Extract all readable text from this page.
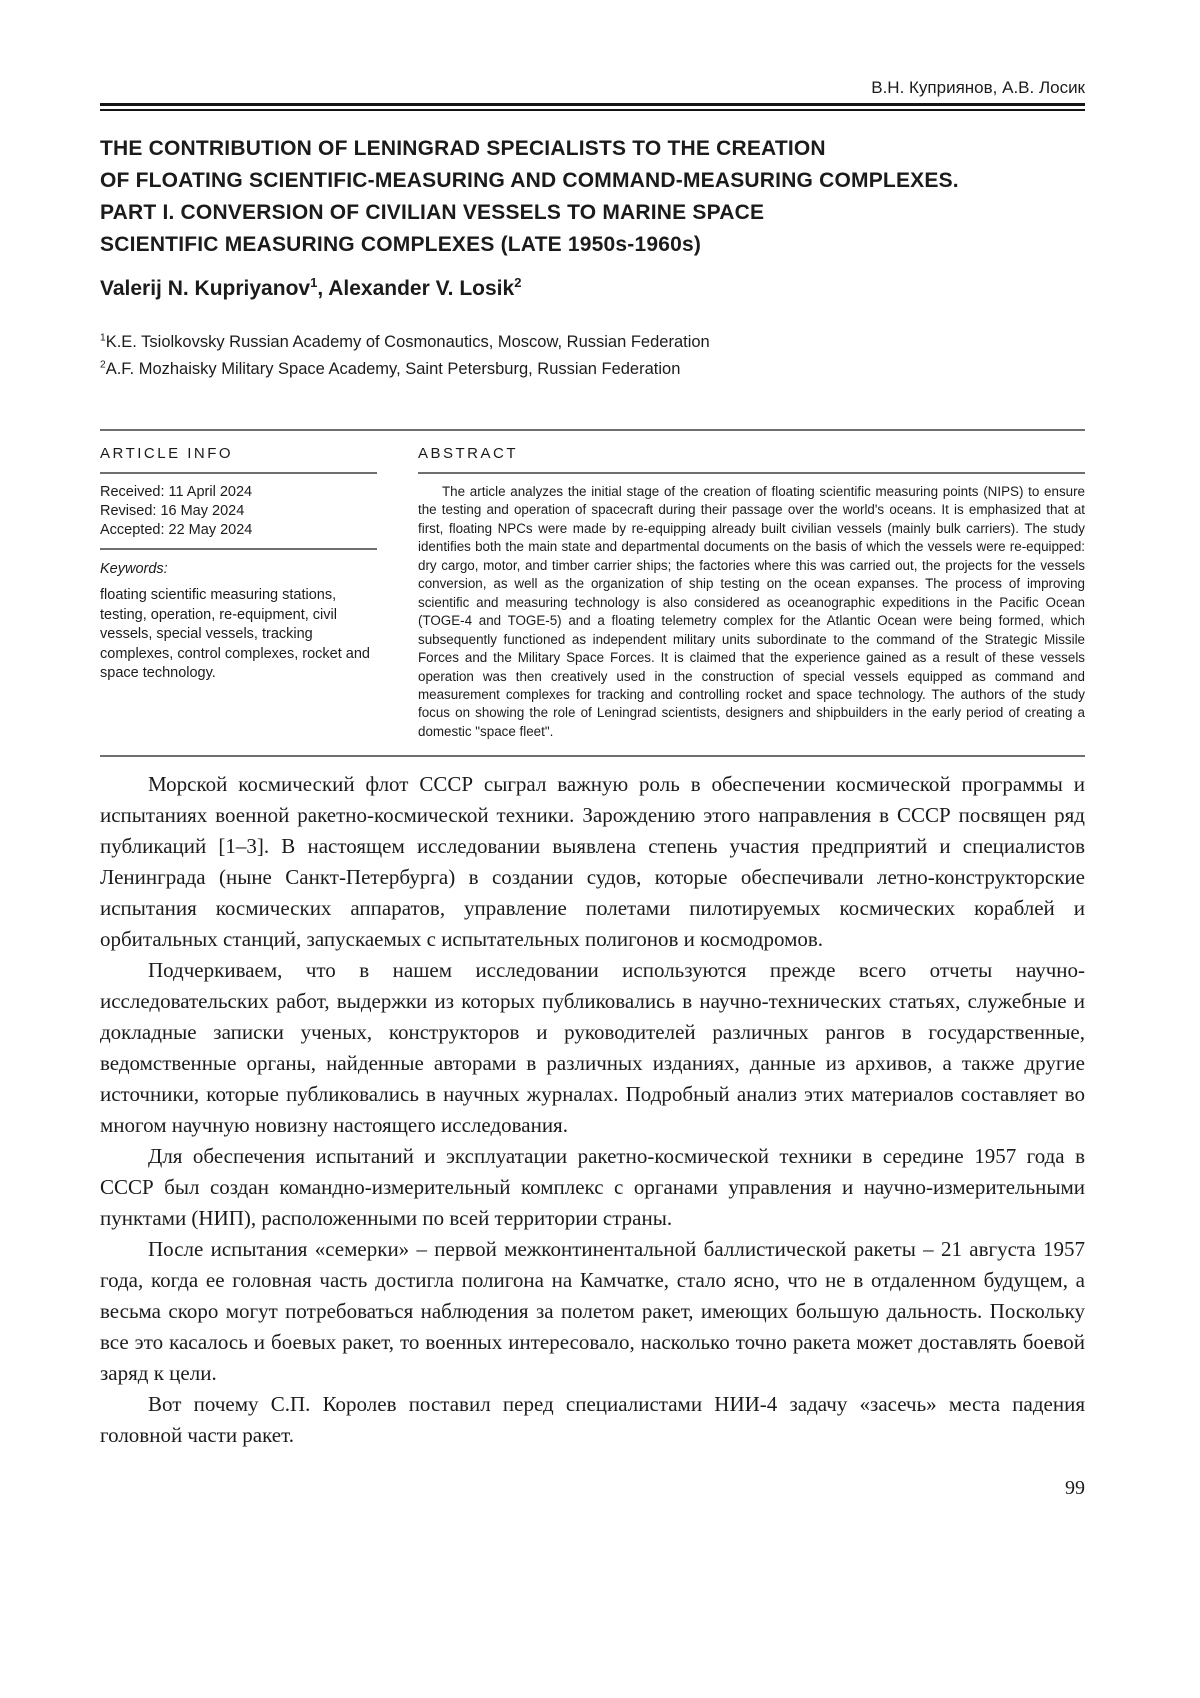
В.Н. Куприянов, А.В. Лосик
THE CONTRIBUTION OF LENINGRAD SPECIALISTS TO THE CREATION
OF FLOATING SCIENTIFIC-MEASURING AND COMMAND-MEASURING COMPLEXES.
PART I. CONVERSION OF CIVILIAN VESSELS TO MARINE SPACE
SCIENTIFIC MEASURING COMPLEXES (LATE 1950s-1960s)
Valerij N. Kupriyanov$^1$, Alexander V. Losik$^2$
$^1$K.E. Tsiolkovsky Russian Academy of Cosmonautics, Moscow, Russian Federation
$^2$A.F. Mozhaisky Military Space Academy, Saint Petersburg, Russian Federation
ARTICLE INFO
Received: 11 April 2024
Revised: 16 May 2024
Accepted: 22 May 2024
Keywords:
floating scientific measuring stations, testing, operation, re-equipment, civil vessels, special vessels, tracking complexes, control complexes, rocket and space technology.
ABSTRACT
The article analyzes the initial stage of the creation of floating scientific measuring points (NIPS) to ensure the testing and operation of spacecraft during their passage over the world's oceans. It is emphasized that at first, floating NPCs were made by re-equipping already built civilian vessels (mainly bulk carriers). The study identifies both the main state and departmental documents on the basis of which the vessels were re-equipped: dry cargo, motor, and timber carrier ships; the factories where this was carried out, the projects for the vessels conversion, as well as the organization of ship testing on the ocean expanses. The process of improving scientific and measuring technology is also considered as oceanographic expeditions in the Pacific Ocean (TOGE-4 and TOGE-5) and a floating telemetry complex for the Atlantic Ocean were being formed, which subsequently functioned as independent military units subordinate to the command of the Strategic Missile Forces and the Military Space Forces. It is claimed that the experience gained as a result of these vessels operation was then creatively used in the construction of special vessels equipped as command and measurement complexes for tracking and controlling rocket and space technology. The authors of the study focus on showing the role of Leningrad scientists, designers and shipbuilders in the early period of creating a domestic "space fleet".

Морской космический флот СССР сыграл важную роль в обеспечении космической программы и испытаниях военной ракетно-космической техники. Зарождению этого направления в СССР посвящен ряд публикаций [1–3]. В настоящем исследовании выявлена степень участия предприятий и специалистов Ленинграда (ныне Санкт-Петербурга) в создании судов, которые обеспечивали летно-конструкторские испытания космических аппаратов, управление полетами пилотируемых космических кораблей и орбитальных станций, запускаемых с испытательных полигонов и космодромов.

Подчеркиваем, что в нашем исследовании используются прежде всего отчеты научно-исследовательских работ, выдержки из которых публиковались в научно-технических статьях, служебные и докладные записки ученых, конструкторов и руководителей различных рангов в государственные, ведомственные органы, найденные авторами в различных изданиях, данные из архивов, а также другие источники, которые публиковались в научных журналах. Подробный анализ этих материалов составляет во многом научную новизну настоящего исследования.

Для обеспечения испытаний и эксплуатации ракетно-космической техники в середине 1957 года в СССР был создан командно-измерительный комплекс с органами управления и научно-измерительными пунктами (НИП), расположенными по всей территории страны.

После испытания «семерки» – первой межконтинентальной баллистической ракеты – 21 августа 1957 года, когда ее головная часть достигла полигона на Камчатке, стало ясно, что не в отдаленном будущем, а весьма скоро могут потребоваться наблюдения за полетом ракет, имеющих большую дальность. Поскольку все это касалось и боевых ракет, то военных интересовало, насколько точно ракета может доставлять боевой заряд к цели.

Вот почему С.П. Королев поставил перед специалистами НИИ-4 задачу «засечь» места падения головной части ракет.

99
